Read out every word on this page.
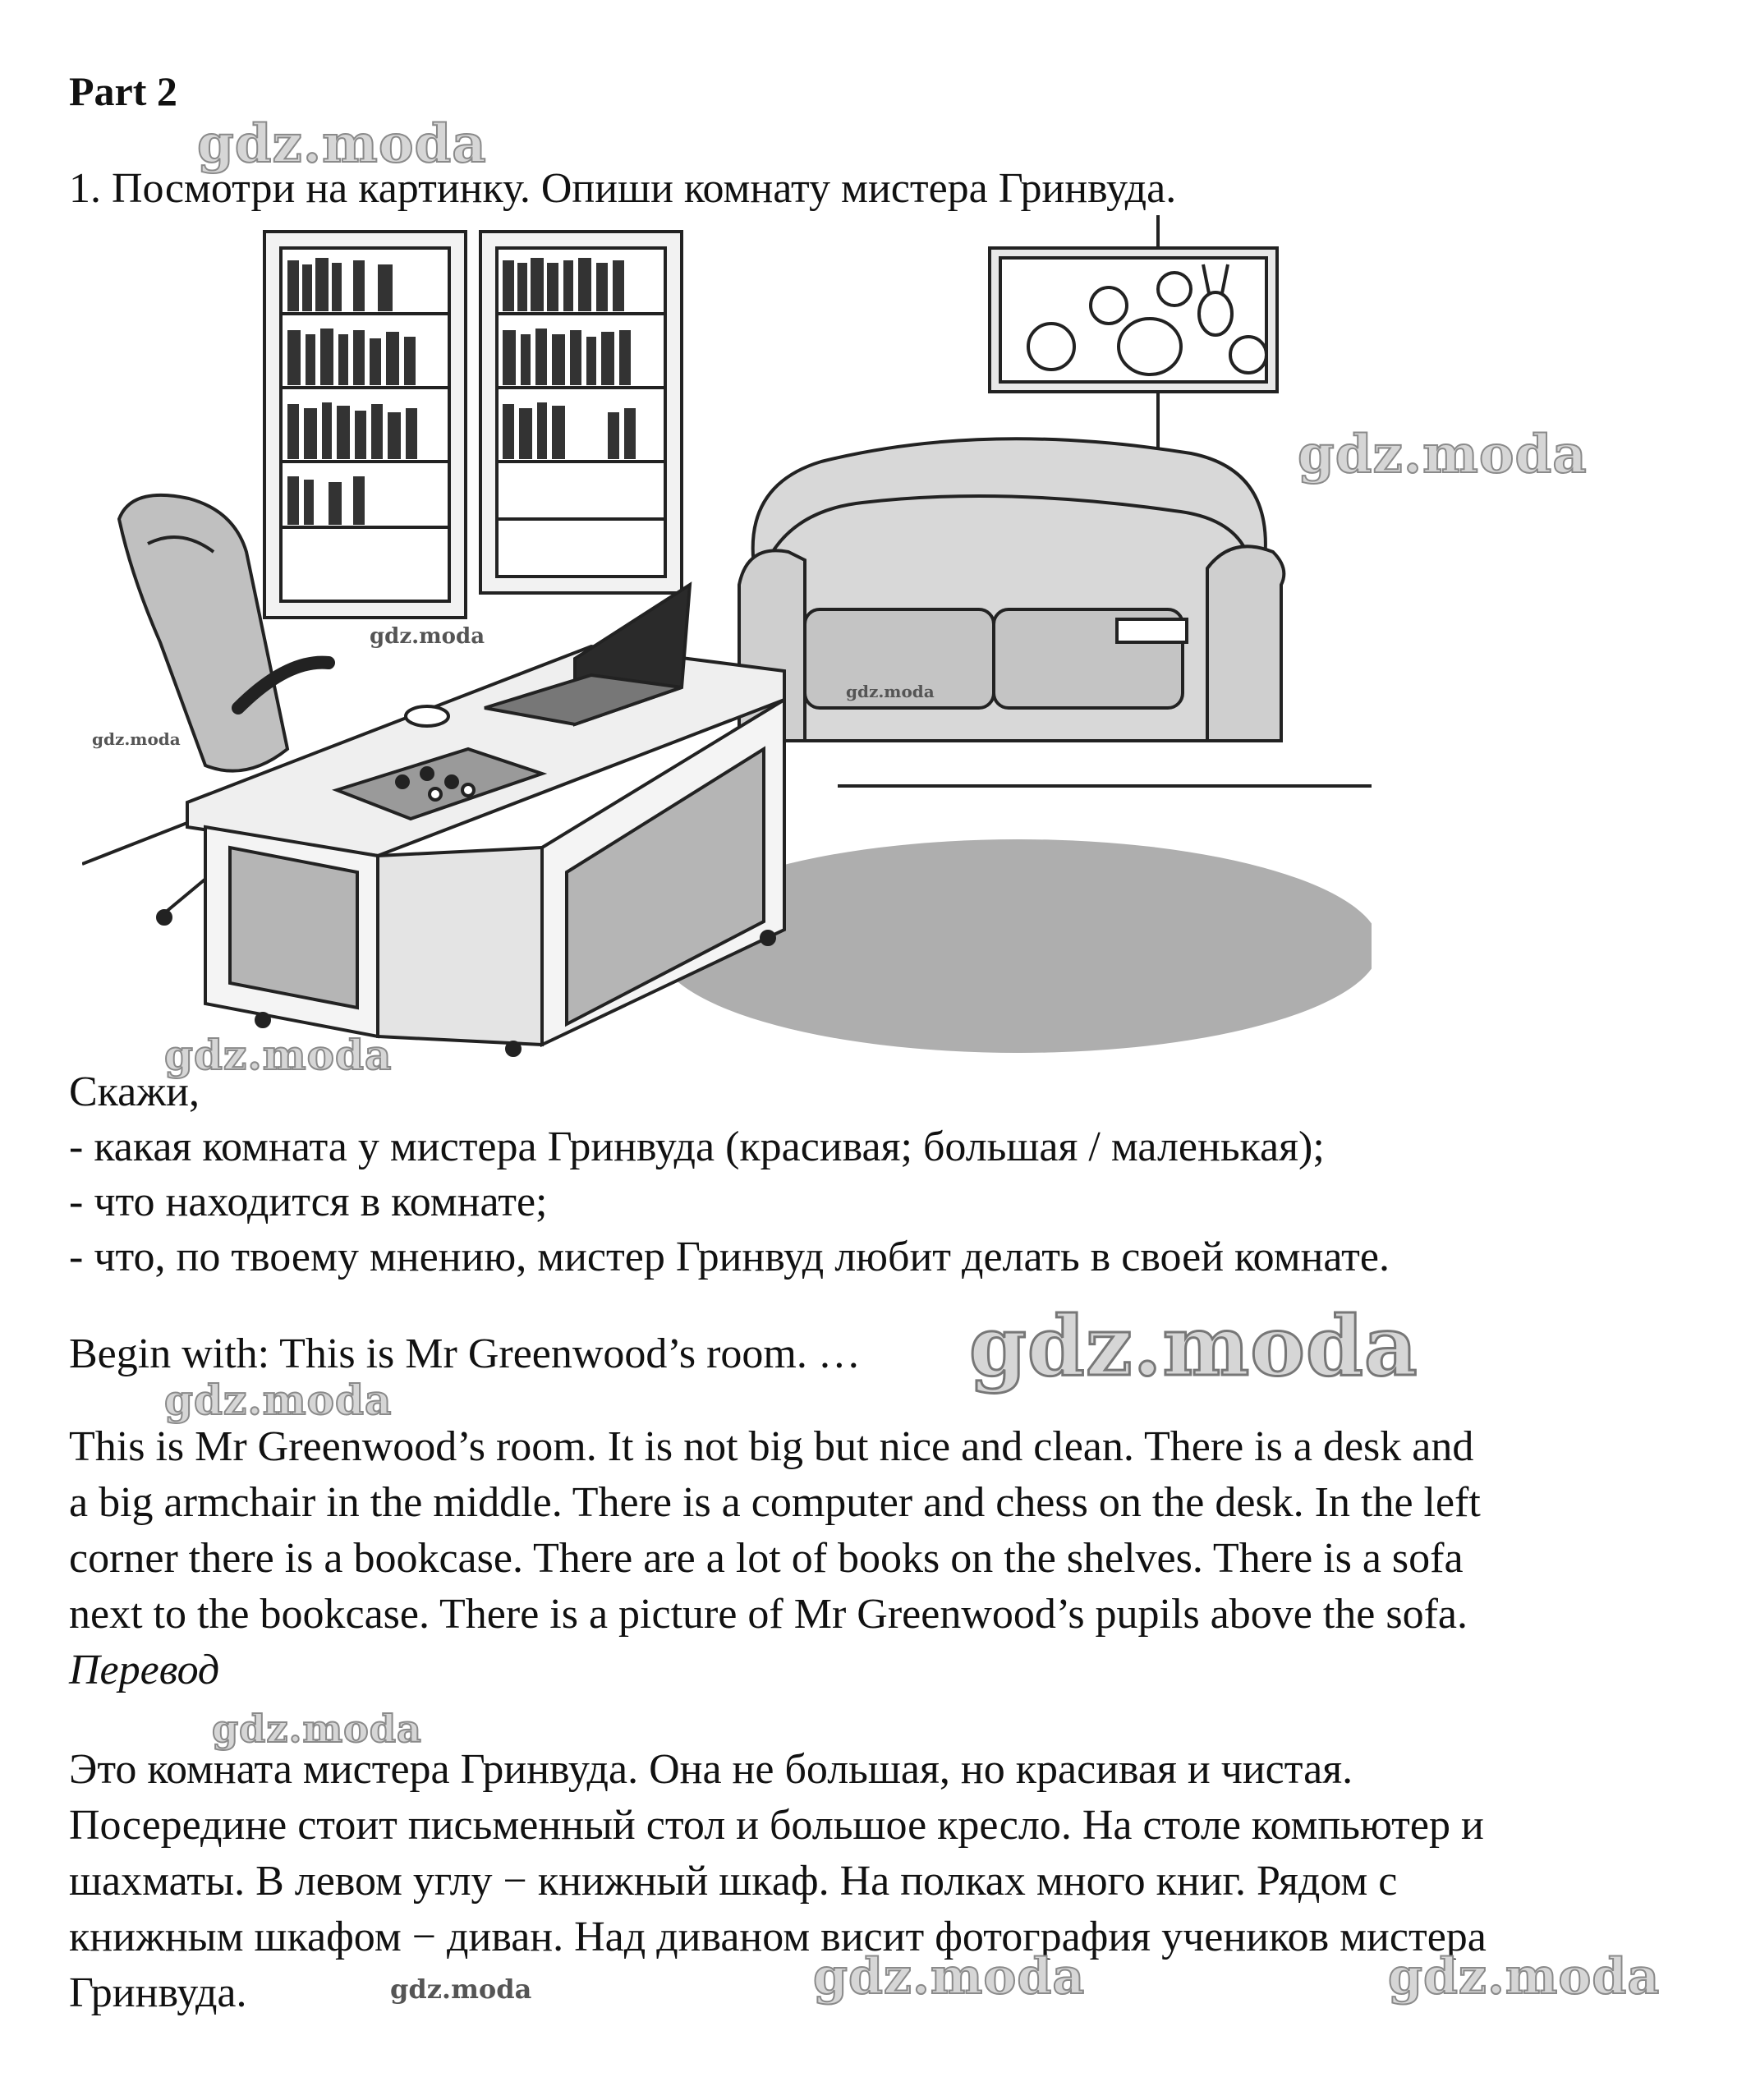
Part 2
1. Посмотри на картинку. Опиши комнату мистера Гринвуда.
Скажи,
- какая комната у мистера Гринвуда (красивая; большая / маленькая);
- что находится в комнате;
- что, по твоему мнению, мистер Гринвуд любит делать в своей комнате.
Begin with: This is Mr Greenwood’s room. …
This is Mr Greenwood’s room. It is not big but nice and clean. There is a desk and
a big armchair in the middle. There is a computer and chess on the desk. In the left
corner there is a bookcase. There are a lot of books on the shelves. There is a sofa
next to the bookcase. There is a picture of Mr Greenwood’s pupils above the sofa.
Перевод
Это комната мистера Гринвуда. Она не большая, но красивая и чистая.
Посередине стоит письменный стол и большое кресло. На столе компьютер и
шахматы. В левом углу − книжный шкаф. На полках много книг. Рядом с
книжным шкафом − диван. Над диваном висит фотография учеников мистера
Гринвуда.
gdz.moda
gdz.moda
gdz.moda
gdz.moda
gdz.moda
gdz.moda
gdz.moda
gdz.moda
gdz.moda
gdz.moda	gdz.moda	gdz.moda
